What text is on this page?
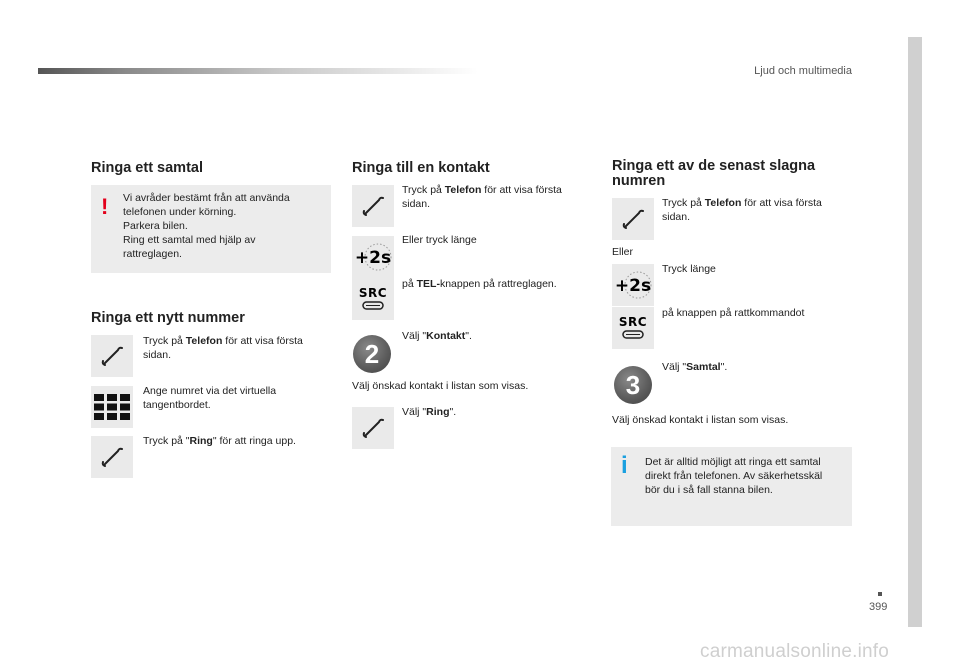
Ljud och multimedia
399
carmanualsonline.info
Ringa ett samtal
! Vi avråder bestämt från att använda
telefonen under körning.
Parkera bilen.
Ring ett samtal med hjälp av
rattreglagen.
Ringa ett nytt nummer
Tryck på Telefon för att visa första
sidan.
Ange numret via det virtuella
tangentbordet.
Tryck på "Ring" för att ringa upp.
Ringa till en kontakt
Tryck på Telefon för att visa första
sidan.
+2s
Eller tryck länge
SRC
på TEL-knappen på rattreglagen.
2
Välj "Kontakt".
Välj önskad kontakt i listan som visas.
Välj "Ring".
Ringa ett av de senast slagna
numren
Tryck på Telefon för att visa första
sidan.
Eller
+2s
Tryck länge
SRC
på knappen på rattkommandot
3
Välj "Samtal".
Välj önskad kontakt i listan som visas.
i Det är alltid möjligt att ringa ett samtal
direkt från telefonen. Av säkerhetsskäl
bör du i så fall stanna bilen.
